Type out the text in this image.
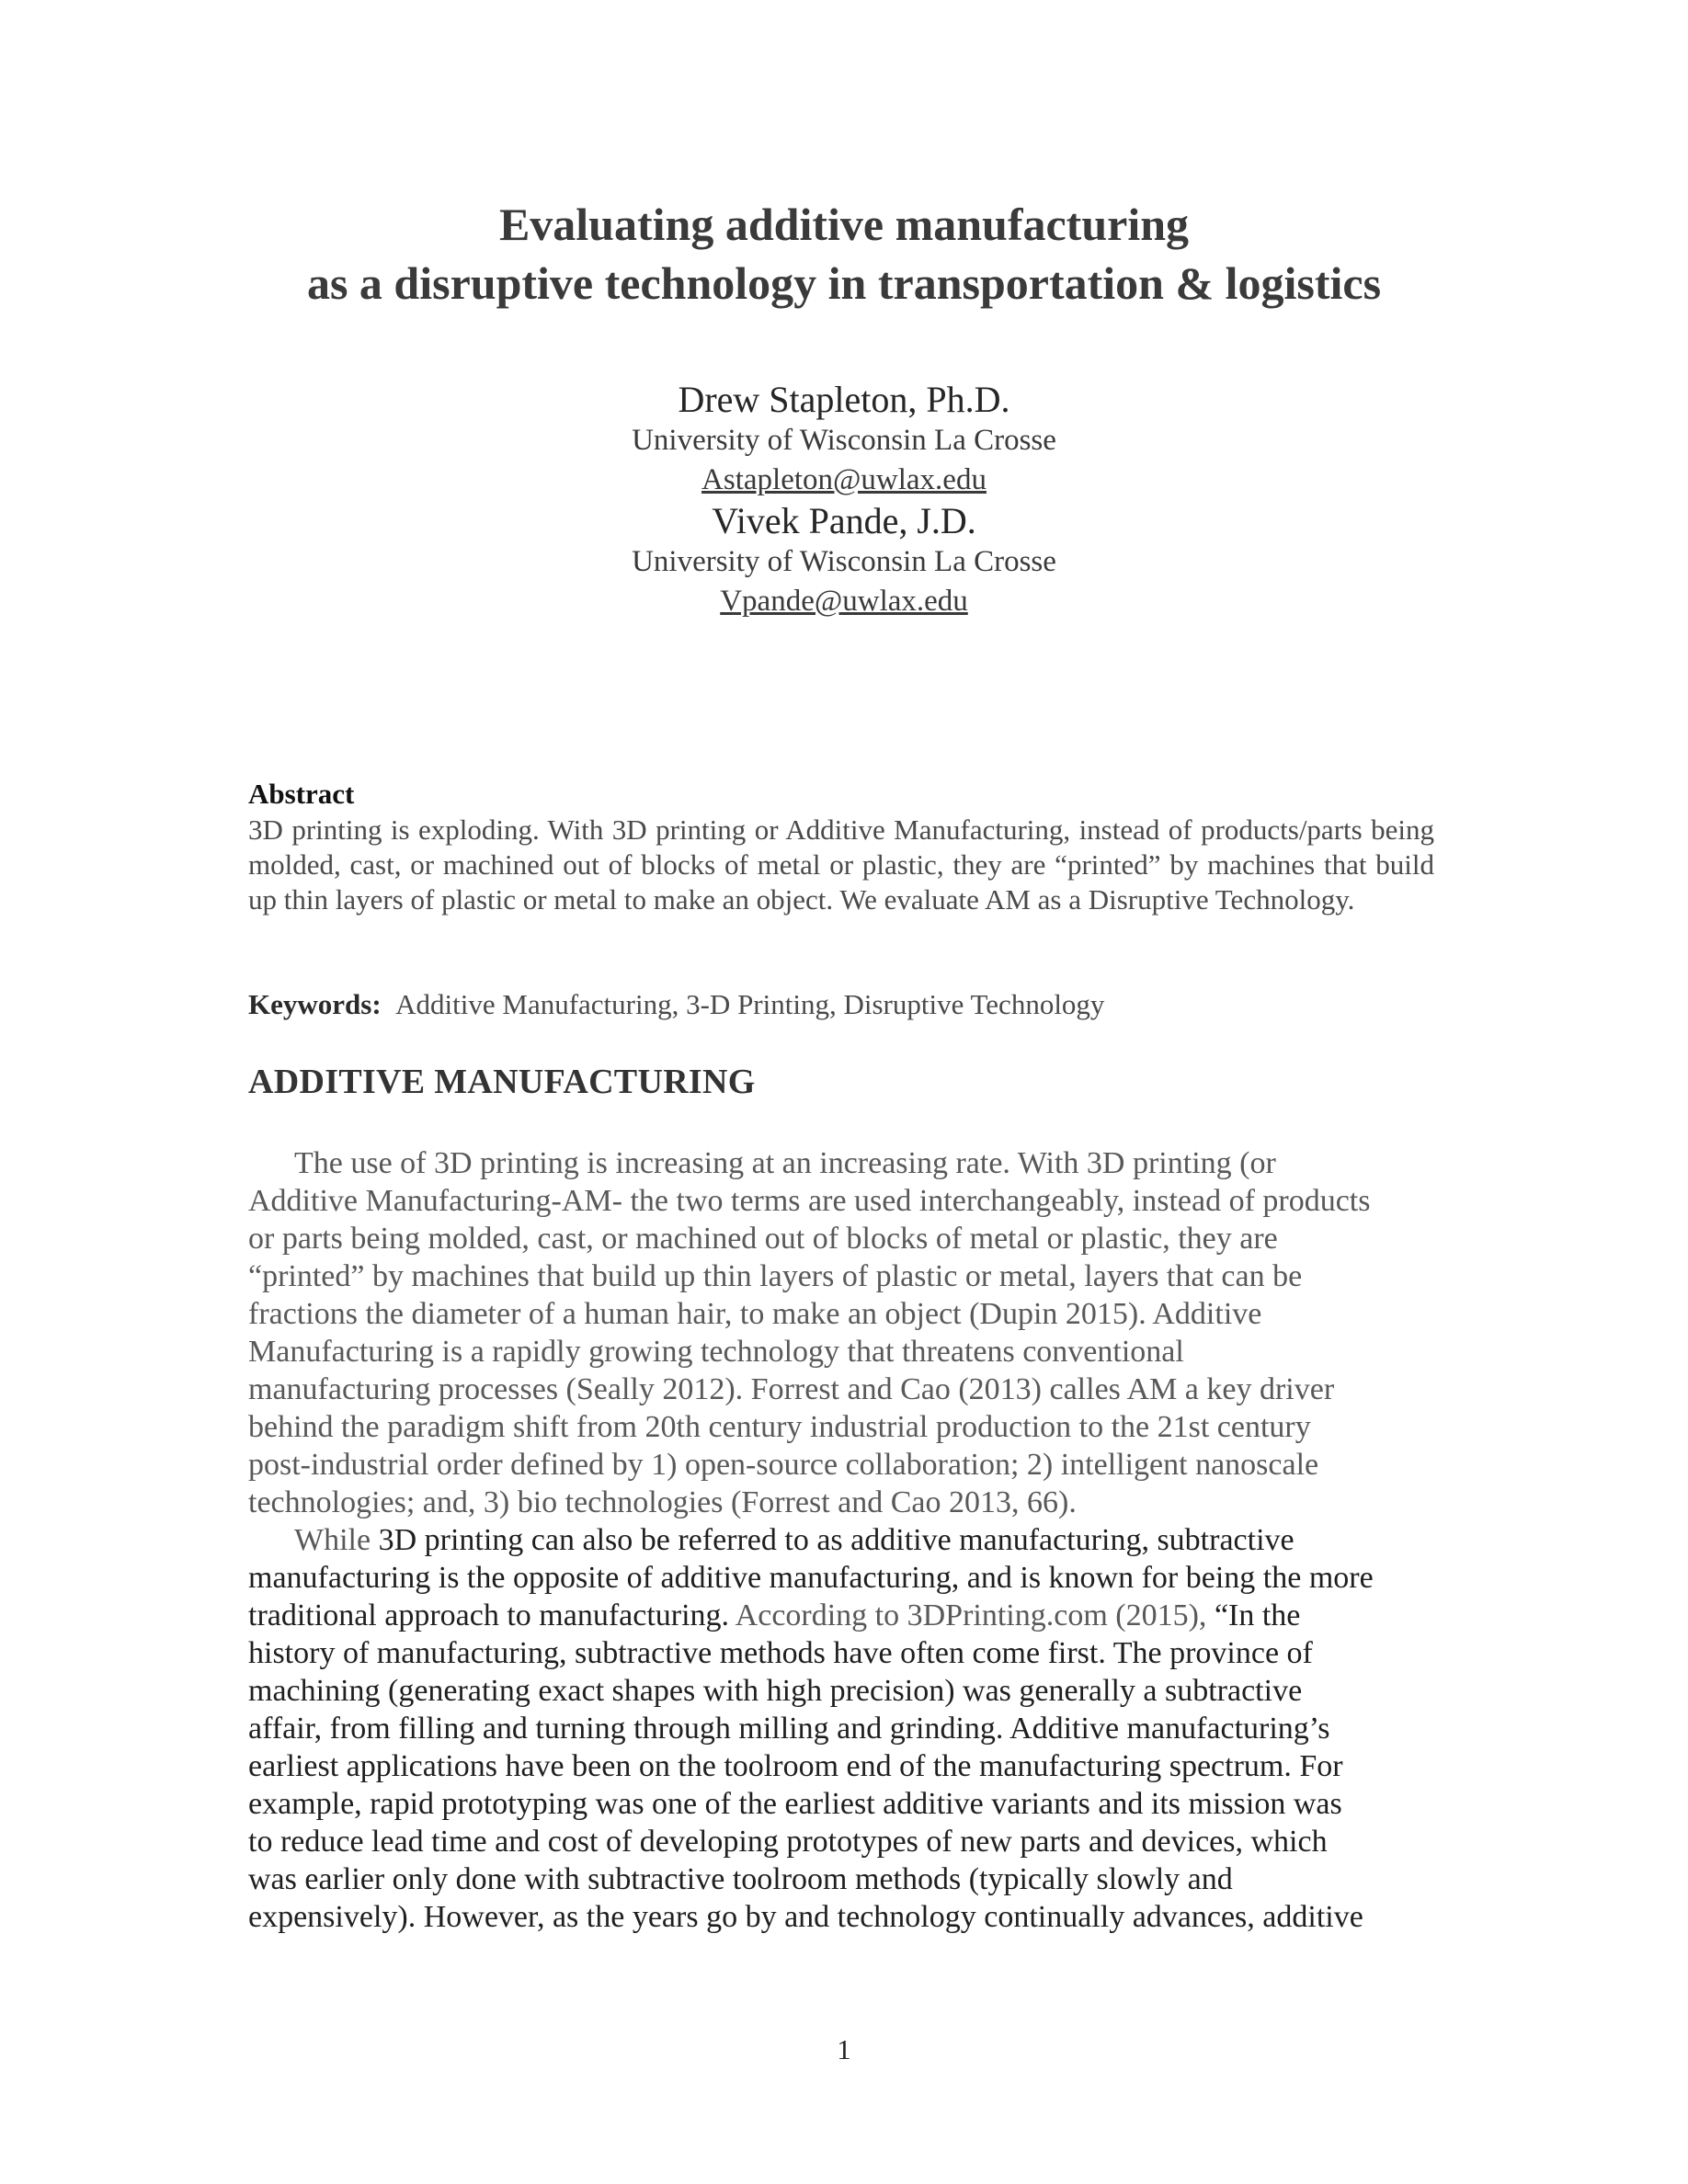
Evaluating additive manufacturing
as a disruptive technology in transportation & logistics
Drew Stapleton, Ph.D.
University of Wisconsin La Crosse
Astapleton@uwlax.edu
Vivek Pande, J.D.
University of Wisconsin La Crosse
Vpande@uwlax.edu
Abstract
3D printing is exploding. With 3D printing or Additive Manufacturing, instead of products/parts being molded, cast, or machined out of blocks of metal or plastic, they are “printed” by machines that build up thin layers of plastic or metal to make an object. We evaluate AM as a Disruptive Technology.
Keywords: Additive Manufacturing, 3-D Printing, Disruptive Technology
ADDITIVE MANUFACTURING
The use of 3D printing is increasing at an increasing rate. With 3D printing (or
Additive Manufacturing-AM- the two terms are used interchangeably, instead of products
or parts being molded, cast, or machined out of blocks of metal or plastic, they are
“printed” by machines that build up thin layers of plastic or metal, layers that can be
fractions the diameter of a human hair, to make an object (Dupin 2015). Additive
Manufacturing is a rapidly growing technology that threatens conventional
manufacturing processes (Seally 2012). Forrest and Cao (2013) calles AM a key driver
behind the paradigm shift from 20th century industrial production to the 21st century
post-industrial order defined by 1) open-source collaboration; 2) intelligent nanoscale
technologies; and, 3) bio technologies (Forrest and Cao 2013, 66).
While 3D printing can also be referred to as additive manufacturing, subtractive
manufacturing is the opposite of additive manufacturing, and is known for being the more
traditional approach to manufacturing. According to 3DPrinting.com (2015), “In the
history of manufacturing, subtractive methods have often come first. The province of
machining (generating exact shapes with high precision) was generally a subtractive
affair, from filling and turning through milling and grinding. Additive manufacturing’s
earliest applications have been on the toolroom end of the manufacturing spectrum. For
example, rapid prototyping was one of the earliest additive variants and its mission was
to reduce lead time and cost of developing prototypes of new parts and devices, which
was earlier only done with subtractive toolroom methods (typically slowly and
expensively). However, as the years go by and technology continually advances, additive
1
